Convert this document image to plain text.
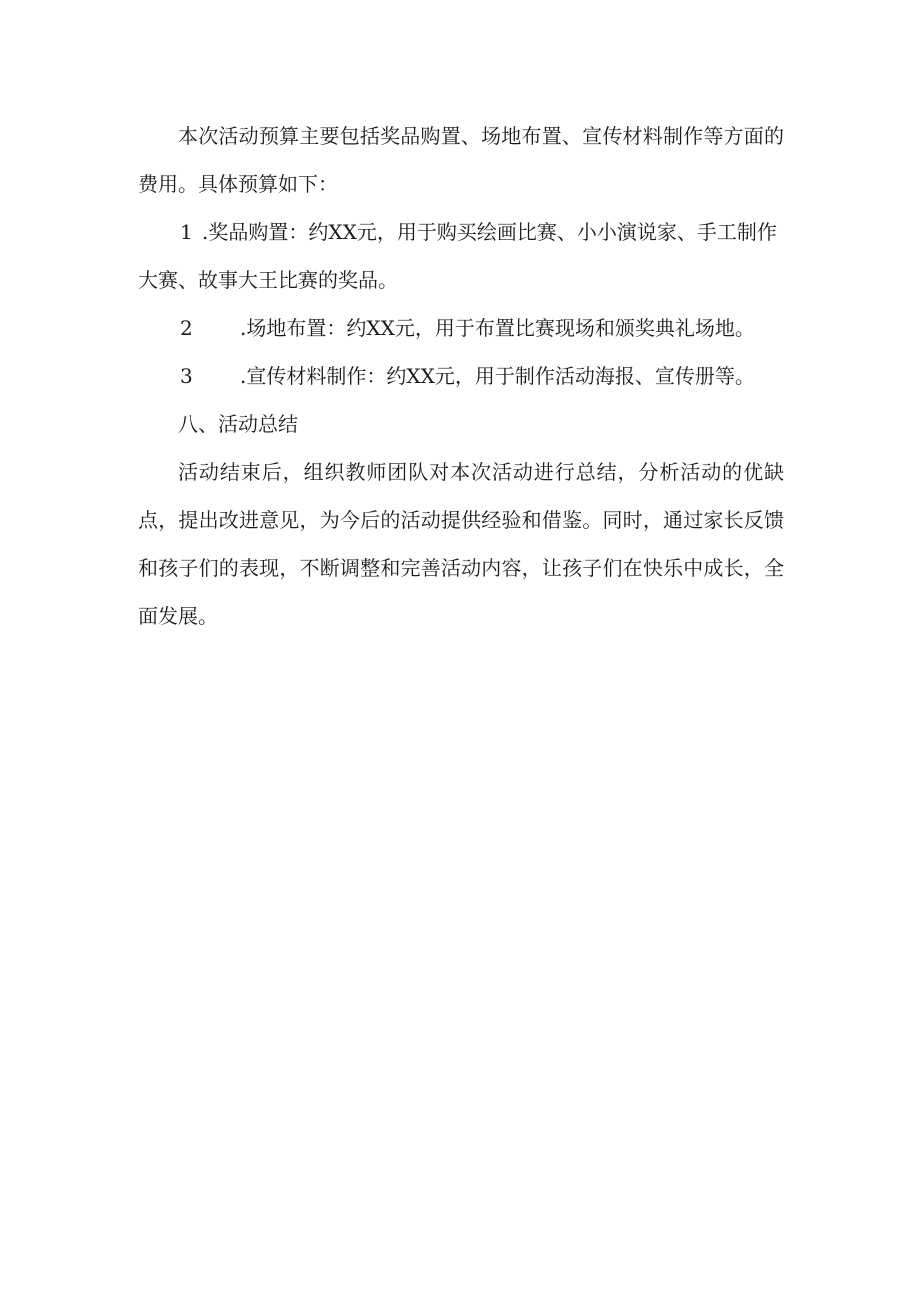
本次活动预算主要包括奖品购置、场地布置、宣传材料制作等方面的费用。具体预算如下：

1 .奖品购置：约XX元，用于购买绘画比赛、小小演说家、手工制作大赛、故事大王比赛的奖品。

2 .场地布置：约XX元，用于布置比赛现场和颁奖典礼场地。

3 .宣传材料制作：约XX元，用于制作活动海报、宣传册等。

八、活动总结

活动结束后，组织教师团队对本次活动进行总结，分析活动的优缺点，提出改进意见，为今后的活动提供经验和借鉴。同时，通过家长反馈和孩子们的表现，不断调整和完善活动内容，让孩子们在快乐中成长，全面发展。
